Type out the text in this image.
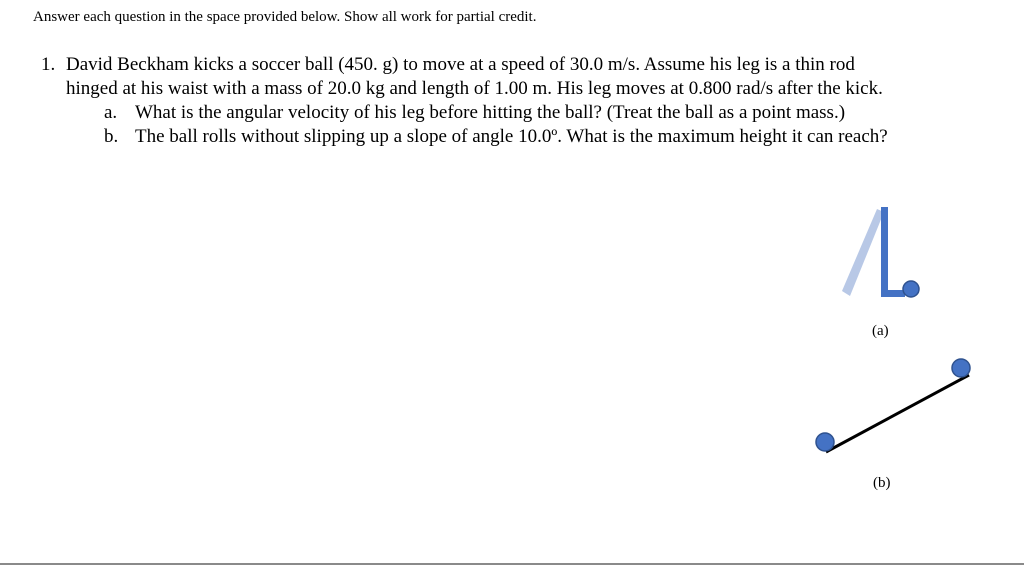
Answer each question in the space provided below. Show all work for partial credit.
1. David Beckham kicks a soccer ball (450. g) to move at a speed of 30.0 m/s. Assume his leg is a thin rod
hinged at his waist with a mass of 20.0 kg and length of 1.00 m. His leg moves at 0.800 rad/s after the kick.
a. What is the angular velocity of his leg before hitting the ball? (Treat the ball as a point mass.)
b. The ball rolls without slipping up a slope of angle 10.0º. What is the maximum height it can reach?
(a)
(b)
